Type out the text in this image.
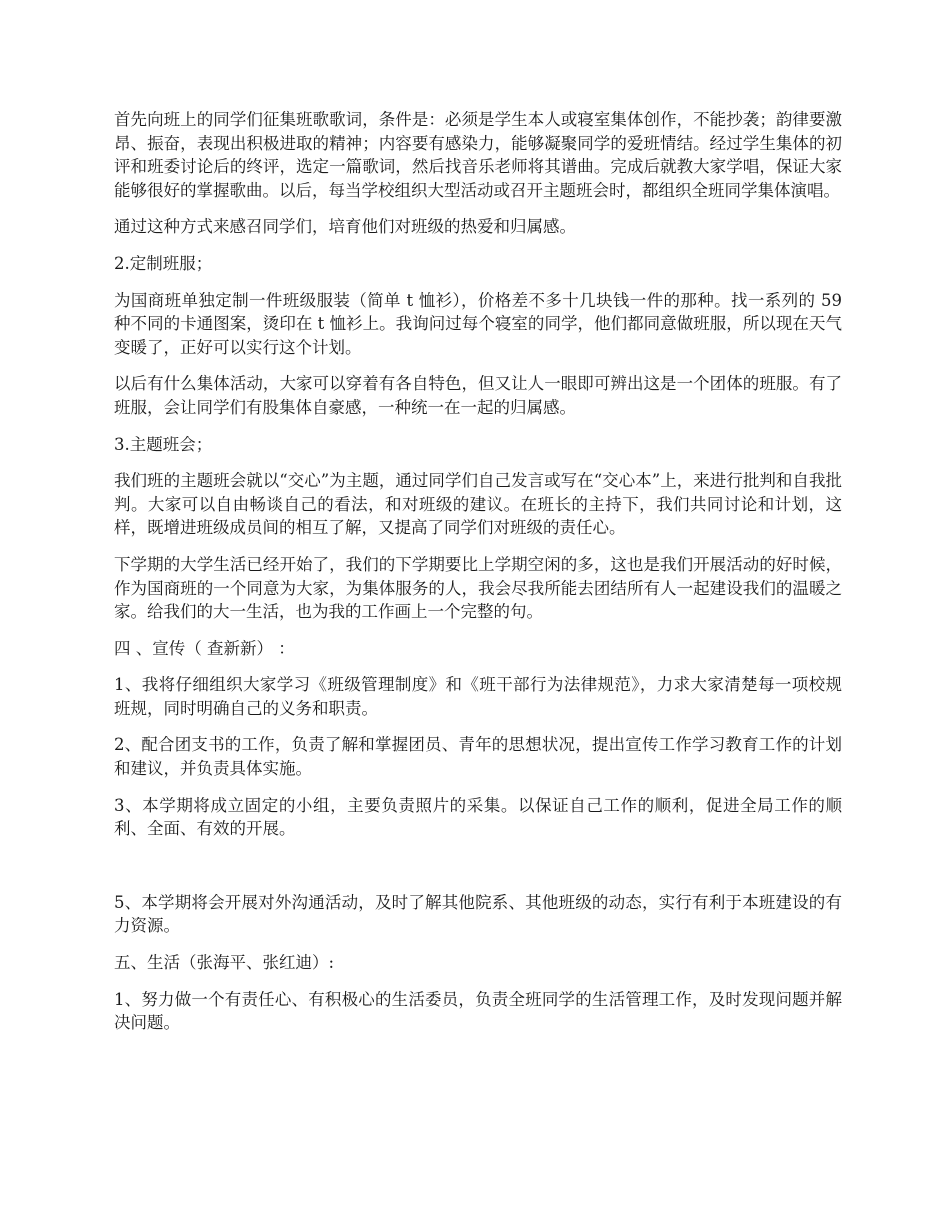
首先向班上的同学们征集班歌歌词，条件是：必须是学生本人或寝室集体创作，不能抄袭；韵律要激昂、振奋，表现出积极进取的精神；内容要有感染力，能够凝聚同学的爱班情结。经过学生集体的初评和班委讨论后的终评，选定一篇歌词，然后找音乐老师将其谱曲。完成后就教大家学唱，保证大家能够很好的掌握歌曲。以后，每当学校组织大型活动或召开主题班会时，都组织全班同学集体演唱。

通过这种方式来感召同学们，培育他们对班级的热爱和归属感。

2.定制班服；

为国商班单独定制一件班级服装（简单 t 恤衫），价格差不多十几块钱一件的那种。找一系列的 59 种不同的卡通图案，烫印在 t 恤衫上。我询问过每个寝室的同学，他们都同意做班服，所以现在天气变暖了，正好可以实行这个计划。

以后有什么集体活动，大家可以穿着有各自特色，但又让人一眼即可辨出这是一个团体的班服。有了班服，会让同学们有股集体自豪感，一种统一在一起的归属感。

3.主题班会；

我们班的主题班会就以“交心”为主题，通过同学们自己发言或写在“交心本”上，来进行批判和自我批判。大家可以自由畅谈自己的看法，和对班级的建议。在班长的主持下，我们共同讨论和计划，这样，既增进班级成员间的相互了解，又提高了同学们对班级的责任心。

下学期的大学生活已经开始了，我们的下学期要比上学期空闲的多，这也是我们开展活动的好时候，作为国商班的一个同意为大家，为集体服务的人，我会尽我所能去团结所有人一起建设我们的温暖之家。给我们的大一生活，也为我的工作画上一个完整的句。

四 、宣传（ 查新新） ：

1、我将仔细组织大家学习《班级管理制度》和《班干部行为法律规范》，力求大家清楚每一项校规班规，同时明确自己的义务和职责。

2、配合团支书的工作，负责了解和掌握团员、青年的思想状况，提出宣传工作学习教育工作的计划和建议，并负责具体实施。

3、本学期将成立固定的小组，主要负责照片的采集。以保证自己工作的顺利，促进全局工作的顺利、全面、有效的开展。

5、本学期将会开展对外沟通活动，及时了解其他院系、其他班级的动态，实行有利于本班建设的有力资源。

五、生活（张海平、张红迪）:

1、努力做一个有责任心、有积极心的生活委员，负责全班同学的生活管理工作，及时发现问题并解决问题。
